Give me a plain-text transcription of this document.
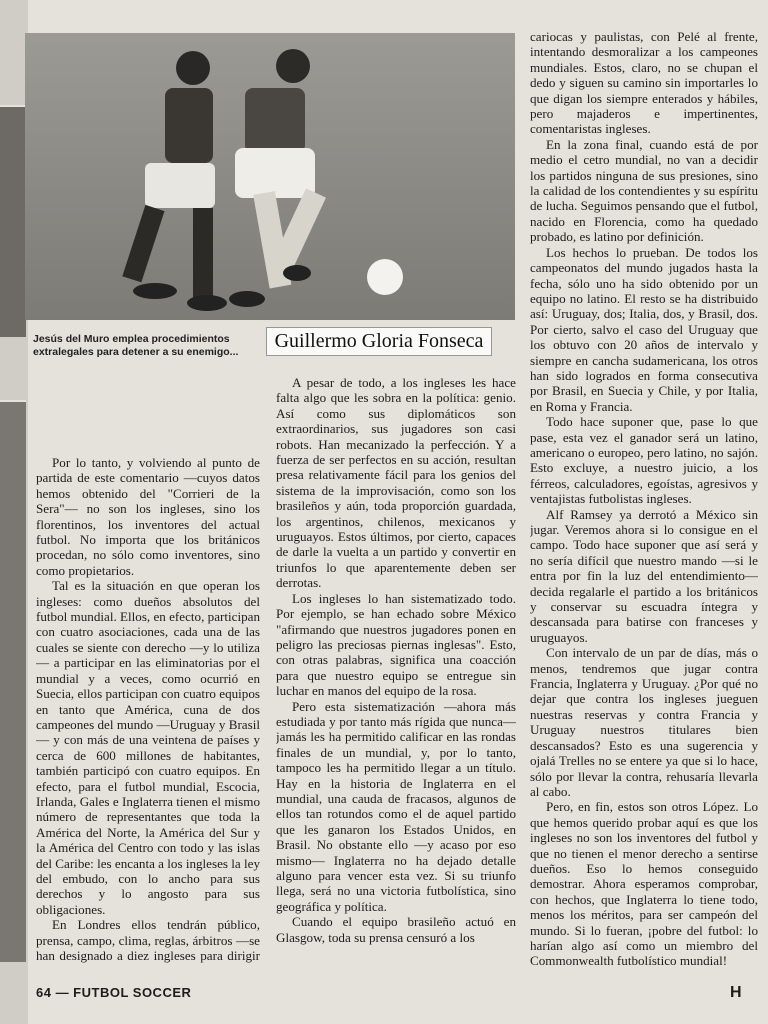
Jesús del Muro emplea procedimientos extralegales para detener a su enemigo...	Guillermo Gloria Fonseca

Por lo tanto, y volviendo al punto de partida de este comentario —cuyos datos hemos obtenido del "Corrieri de la Sera"— no son los ingleses, sino los florentinos, los inventores del actual futbol. No importa que los británicos procedan, no sólo como inventores, sino como propietarios.

Tal es la situación en que operan los ingleses: como dueños absolutos del futbol mundial. Ellos, en efecto, participan con cuatro asociaciones, cada una de las cuales se siente con derecho —y lo utiliza— a participar en las eliminatorias por el mundial y a veces, como ocurrió en Suecia, ellos participan con cuatro equipos en tanto que América, cuna de dos campeones del mundo —Uruguay y Brasil— y con más de una veintena de países y cerca de 600 millones de habitantes, también participó con cuatro equipos. En efecto, para el futbol mundial, Escocia, Irlanda, Gales e Inglaterra tienen el mismo número de representantes que toda la América del Norte, la América del Sur y la América del Centro con todo y las islas del Caribe: les encanta a los ingleses la ley del embudo, con lo ancho para sus derechos y lo angosto para sus obligaciones.

En Londres ellos tendrán público, prensa, campo, clima, reglas, árbitros —se han designado a diez ingleses para dirigir

A pesar de todo, a los ingleses les hace falta algo que les sobra en la política: genio. Así como sus diplomáticos son extraordinarios, sus jugadores son casi robots. Han mecanizado la perfección. Y a fuerza de ser perfectos en su acción, resultan presa relativamente fácil para los genios del sistema de la improvisación, como son los brasileños y aún, toda proporción guardada, los argentinos, chilenos, mexicanos y uruguayos. Estos últimos, por cierto, capaces de darle la vuelta a un partido y convertir en triunfos lo que aparentemente deben ser derrotas.

Los ingleses lo han sistematizado todo. Por ejemplo, se han echado sobre México "afirmando que nuestros jugadores ponen en peligro las preciosas piernas inglesas". Esto, con otras palabras, significa una coacción para que nuestro equipo se entregue sin luchar en manos del equipo de la rosa.

Pero esta sistematización —ahora más estudiada y por tanto más rígida que nunca— jamás les ha permitido calificar en las rondas finales de un mundial, y, por lo tanto, tampoco les ha permitido llegar a un título. Hay en la historia de Inglaterra en el mundial, una cauda de fracasos, algunos de ellos tan rotundos como el de aquel partido que les ganaron los Estados Unidos, en Brasil. No obstante ello —y acaso por eso mismo— Inglaterra no ha dejado detalle alguno para vencer esta vez. Si su triunfo llega, será no una victoria futbolística, sino geográfica y política.

Cuando el equipo brasileño actuó en Glasgow, toda su prensa censuró a los

cariocas y paulistas, con Pelé al frente, intentando desmoralizar a los campeones mundiales. Estos, claro, no se chupan el dedo y siguen su camino sin importarles lo que digan los siempre enterados y hábiles, pero majaderos e impertinentes, comentaristas ingleses.

En la zona final, cuando está de por medio el cetro mundial, no van a decidir los partidos ninguna de sus presiones, sino la calidad de los contendientes y su espíritu de lucha. Seguimos pensando que el futbol, nacido en Florencia, como ha quedado probado, es latino por definición.

Los hechos lo prueban. De todos los campeonatos del mundo jugados hasta la fecha, sólo uno ha sido obtenido por un equipo no latino. El resto se ha distribuido así: Uruguay, dos; Italia, dos, y Brasil, dos. Por cierto, salvo el caso del Uruguay que los obtuvo con 20 años de intervalo y siempre en cancha sudamericana, los otros han sido logrados en forma consecutiva por Brasil, en Suecia y Chile, y por Italia, en Roma y Francia.

Todo hace suponer que, pase lo que pase, esta vez el ganador será un latino, americano o europeo, pero latino, no sajón. Esto excluye, a nuestro juicio, a los férreos, calculadores, egoístas, agresivos y ventajistas futbolistas ingleses.

Alf Ramsey ya derrotó a México sin jugar. Veremos ahora si lo consigue en el campo. Todo hace suponer que así será y no sería difícil que nuestro mando —si le entra por fin la luz del entendimiento— decida regalarle el partido a los británicos y conservar su escuadra íntegra y descansada para batirse con franceses y uruguayos.

Con intervalo de un par de días, más o menos, tendremos que jugar contra Francia, Inglaterra y Uruguay. ¿Por qué no dejar que contra los ingleses jueguen nuestras reservas y contra Francia y Uruguay nuestros titulares bien descansados? Esto es una sugerencia y ojalá Trelles no se entere ya que si lo hace, sólo por llevar la contra, rehusaría llevarla al cabo.

Pero, en fin, estos son otros López. Lo que hemos querido probar aquí es que los ingleses no son los inventores del futbol y que no tienen el menor derecho a sentirse dueños. Eso lo hemos conseguido demostrar. Ahora esperamos comprobar, con hechos, que Inglaterra lo tiene todo, menos los méritos, para ser campeón del mundo. Si lo fueran, ¡pobre del futbol: lo harían algo así como un miembro del Commonwealth futbolístico mundial!

64 — FUTBOL SOCCER	H
